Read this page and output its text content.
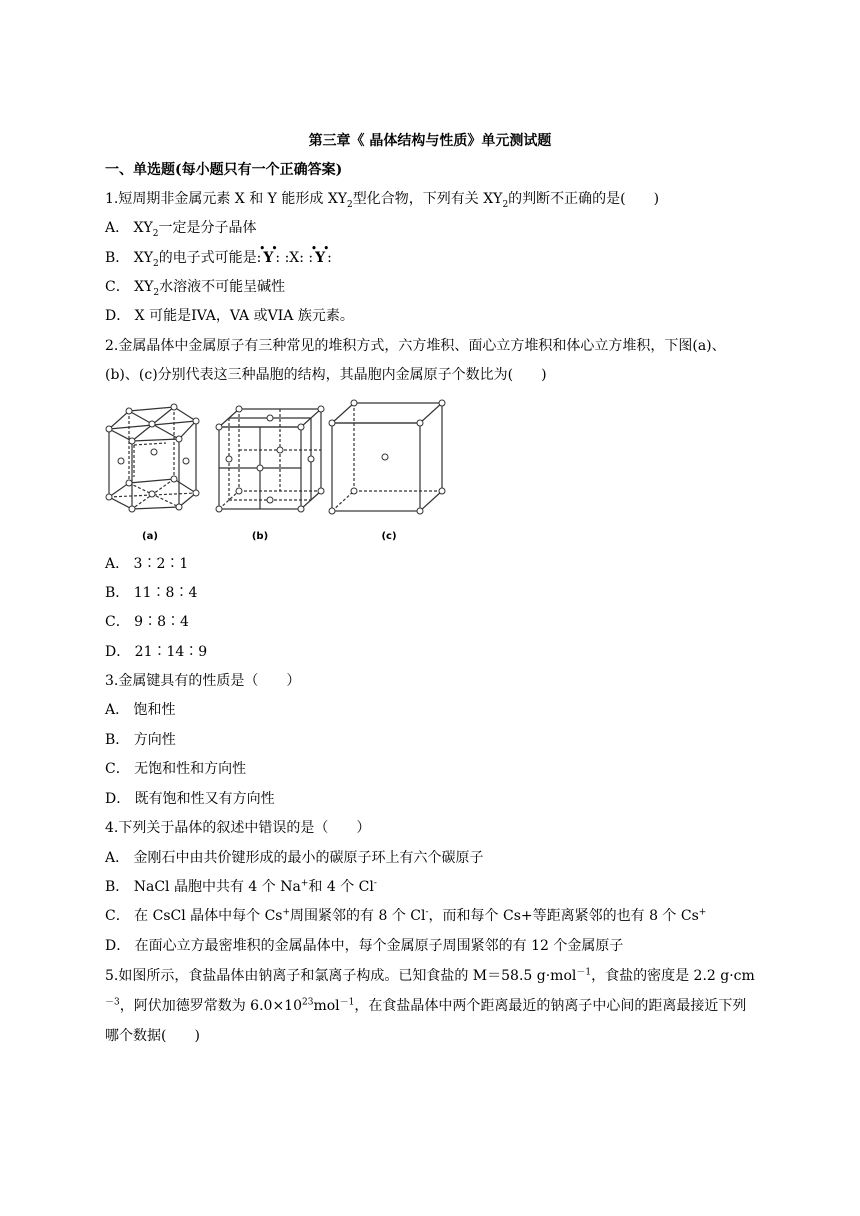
第三章《 晶体结构与性质》单元测试题
一、单选题(每小题只有一个正确答案)
1.短周期非金属元素 X 和 Y 能形成 $XY_2$型化合物，下列有关 $XY_2$的判断不正确的是(　　)
A． $XY_2$一定是分子晶体
B． $XY_2$的电子式可能是: • Y • : :X: : • Y • :
C． $XY_2$水溶液不可能呈碱性
D． X 可能是IVA，VA 或VIA 族元素。
2.金属晶体中金属原子有三种常见的堆积方式，六方堆积、面心立方堆积和体心立方堆积，下图(a)、
(b)、(c)分别代表这三种晶胞的结构，其晶胞内金属原子个数比为(　　)
(a)	(b)	(c)
A． 3∶2∶1
B． 11∶8∶4
C． 9∶8∶4
D． 21∶14∶9
3.金属键具有的性质是（　　）
A． 饱和性
B． 方向性
C． 无饱和性和方向性
D． 既有饱和性又有方向性
4.下列关于晶体的叙述中错误的是（　　）
A． 金刚石中由共价键形成的最小的碳原子环上有六个碳原子
B． NaCl 晶胞中共有 4 个 Na+和 4 个 Cl-
C． 在 CsCl 晶体中每个 Cs+周围紧邻的有 8 个 Cl-，而和每个 Cs+等距离紧邻的也有 8 个 Cs+
D． 在面心立方最密堆积的金属晶体中，每个金属原子周围紧邻的有 12 个金属原子
5.如图所示，食盐晶体由钠离子和氯离子构成。已知食盐的 M＝58.5 g·mol$^{-1}$，食盐的密度是 2.2 $g\cdot cm^{-3}$，阿伏加德罗常数为 $6.0\times 10^{23}mol^{-1}$，在食盐晶体中两个距离最近的钠离子中心间的距离最接近下列哪个数据(　　)
